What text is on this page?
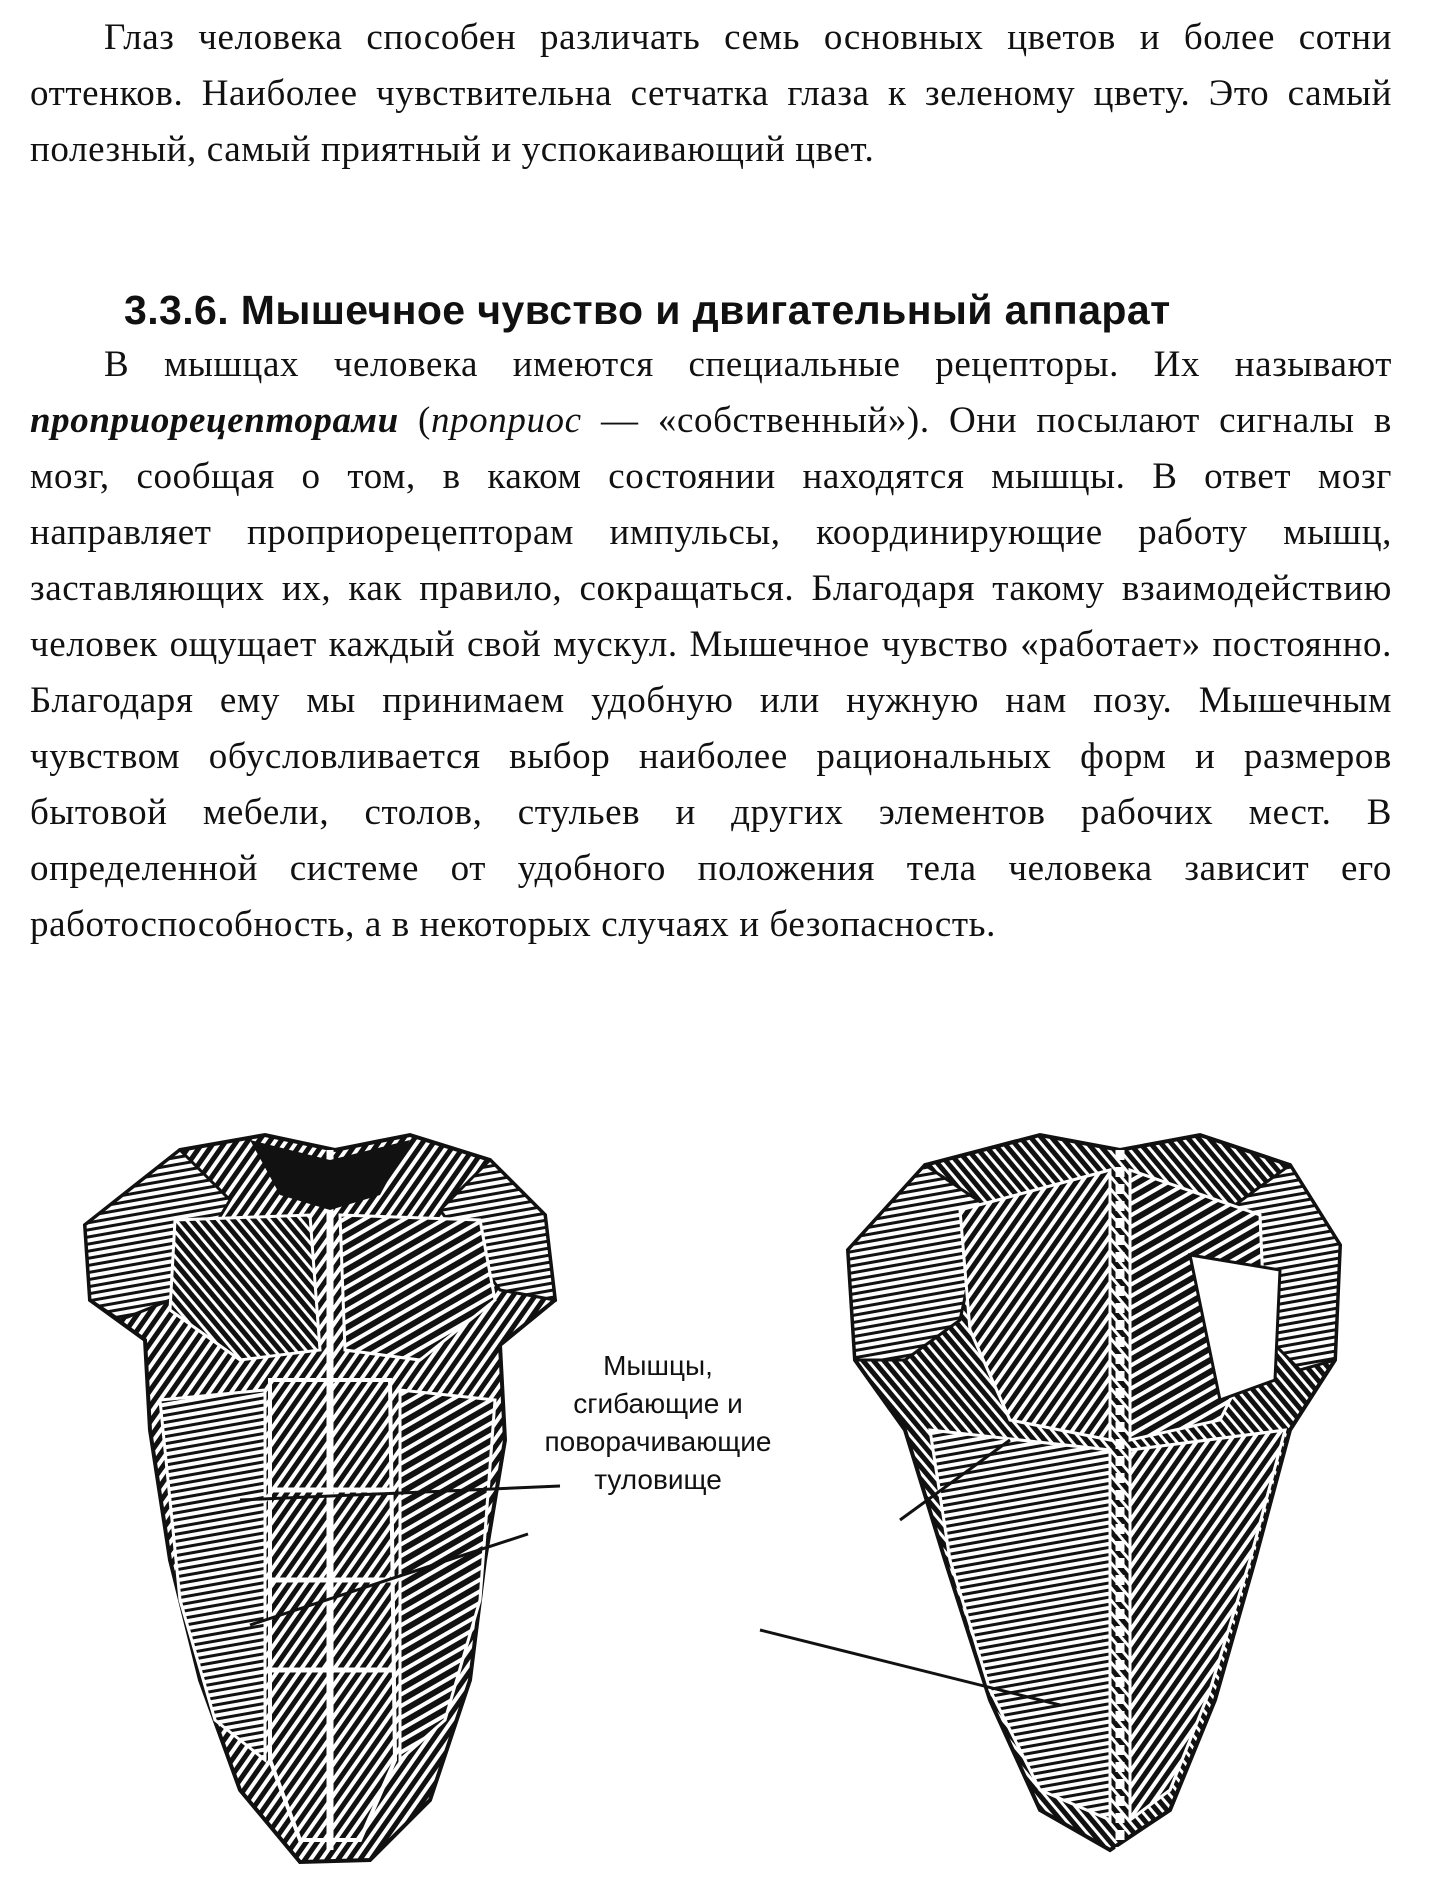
Глаз человека способен различать семь основных цветов и более сотни оттенков. Наиболее чувствительна сетчатка глаза к зеленому цвету. Это самый полезный, самый приятный и успокаивающий цвет.

3.3.6. Мышечное чувство и двигательный аппарат

В мышцах человека имеются специальные рецепторы. Их называют проприорецепторами (проприос — «собственный»). Они посылают сигналы в мозг, сообщая о том, в каком состоянии находятся мышцы. В ответ мозг направляет проприорецепторам импульсы, координирующие работу мышц, заставляющих их, как правило, сокращаться. Благодаря такому взаимодействию человек ощущает каждый свой мускул. Мышечное чувство «работает» постоянно. Благодаря ему мы принимаем удобную или нужную нам позу. Мышечным чувством обусловливается выбор наиболее рациональных форм и размеров бытовой мебели, столов, стульев и других элементов рабочих мест. В определенной системе от удобного положения тела человека зависит его работоспособность, а в некоторых случаях и безопасность.

Мышцы,
сгибающие и
поворачивающие
туловище
